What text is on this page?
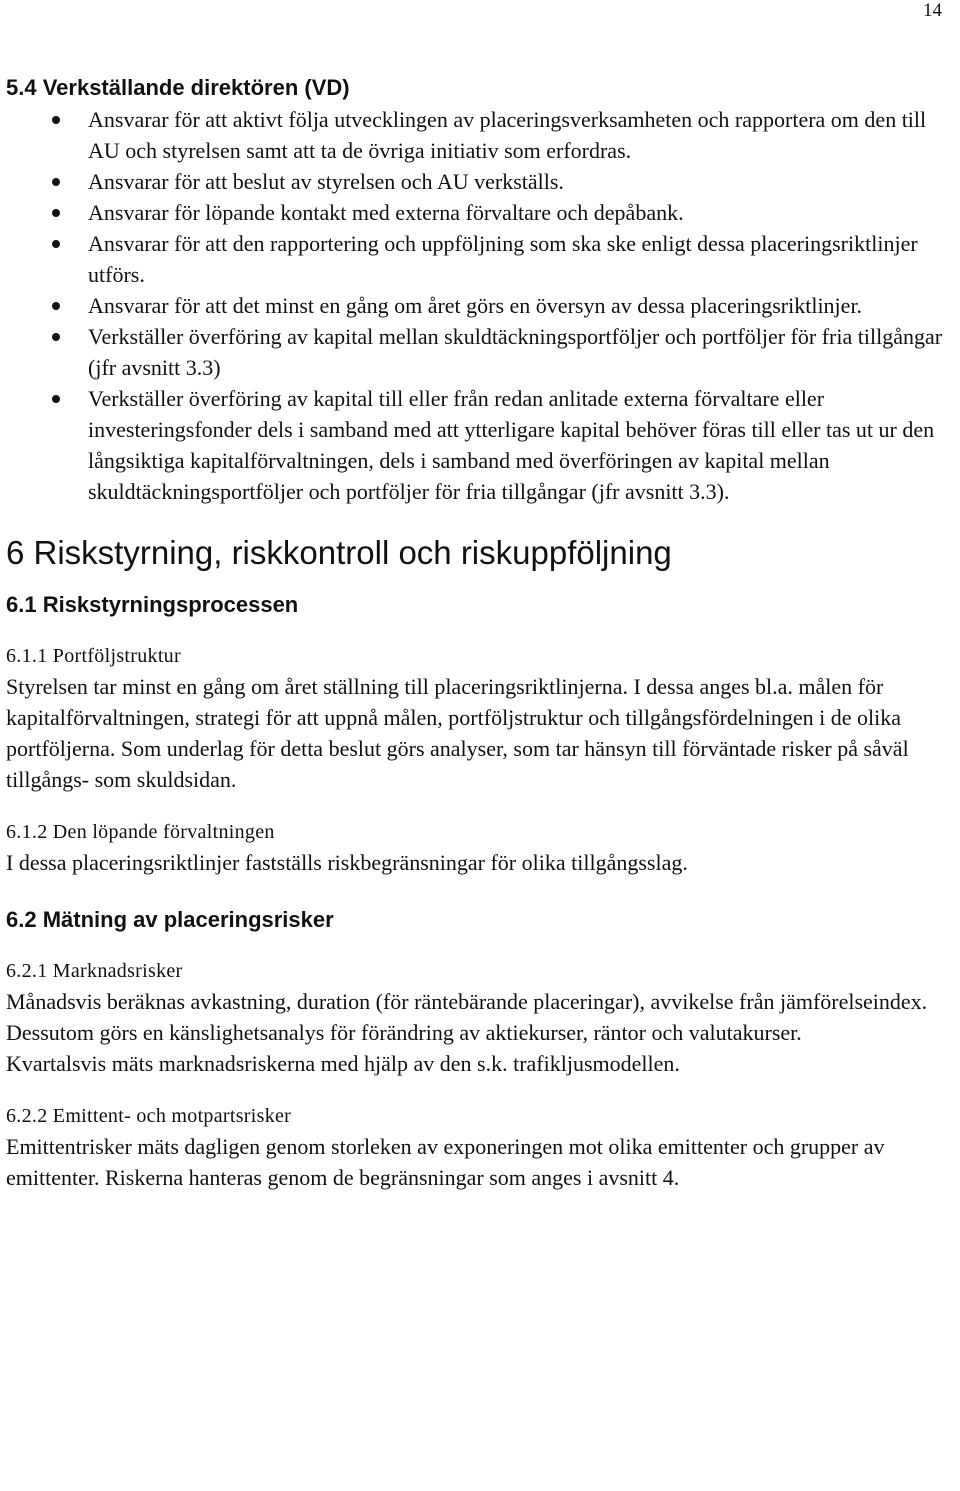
14
5.4 Verkställande direktören (VD)
Ansvarar för att aktivt följa utvecklingen av placeringsverksamheten och rapportera om den till AU och styrelsen samt att ta de övriga initiativ som erfordras.
Ansvarar för att beslut av styrelsen och AU verkställs.
Ansvarar för löpande kontakt med externa förvaltare och depåbank.
Ansvarar för att den rapportering och uppföljning som ska ske enligt dessa placeringsriktlinjer utförs.
Ansvarar för att det minst en gång om året görs en översyn av dessa placeringsriktlinjer.
Verkställer överföring av kapital mellan skuldtäckningsportföljer och portföljer för fria tillgångar (jfr avsnitt 3.3)
Verkställer överföring av kapital till eller från redan anlitade externa förvaltare eller investeringsfonder dels i samband med att ytterligare kapital behöver föras till eller tas ut ur den långsiktiga kapitalförvaltningen, dels i samband med överföringen av kapital mellan skuldtäckningsportföljer och portföljer för fria tillgångar (jfr avsnitt 3.3).
6 Riskstyrning, riskkontroll och riskuppföljning
6.1 Riskstyrningsprocessen

6.1.1 Portföljstruktur

Styrelsen tar minst en gång om året ställning till placeringsriktlinjerna. I dessa anges bl.a. målen för kapitalförvaltningen, strategi för att uppnå målen, portföljstruktur och tillgångsfördelningen i de olika portföljerna. Som underlag för detta beslut görs analyser, som tar hänsyn till förväntade risker på såväl tillgångs- som skuldsidan.

6.1.2 Den löpande förvaltningen

I dessa placeringsriktlinjer fastställs riskbegränsningar för olika tillgångsslag.

6.2 Mätning av placeringsrisker

6.2.1 Marknadsrisker

Månadsvis beräknas avkastning, duration (för räntebärande placeringar), avvikelse från jämförelseindex. Dessutom görs en känslighetsanalys för förändring av aktiekurser, räntor och valutakurser.

Kvartalsvis mäts marknadsriskerna med hjälp av den s.k. trafikljusmodellen.

6.2.2 Emittent- och motpartsrisker

Emittentrisker mäts dagligen genom storleken av exponeringen mot olika emittenter och grupper av emittenter. Riskerna hanteras genom de begränsningar som anges i avsnitt 4.
